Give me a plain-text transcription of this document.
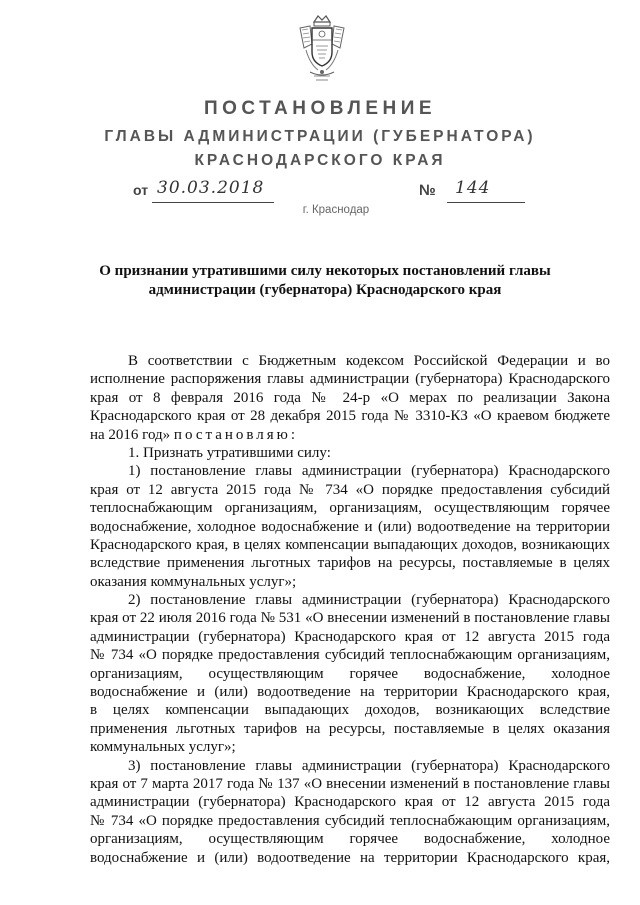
ПОСТАНОВЛЕНИЕ
ГЛАВЫ АДМИНИСТРАЦИИ (ГУБЕРНАТОРА)
КРАСНОДАРСКОГО КРАЯ
от 30.03.2018	№ 144
г. Краснодар
О признании утратившими силу некоторых постановлений главы
администрации (губернатора) Краснодарского края
В соответствии с Бюджетным кодексом Российской Федерации и во
исполнение распоряжения главы администрации (губернатора) Краснодарского
края от 8 февраля 2016 года № 24-р «О мерах по реализации Закона
Краснодарского края от 28 декабря 2015 года № 3310-КЗ «О краевом бюджете
на 2016 год» постановляю:
1. Признать утратившими силу:
1) постановление главы администрации (губернатора) Краснодарского
края от 12 августа 2015 года № 734 «О порядке предоставления субсидий
теплоснабжающим организациям, организациям, осуществляющим горячее
водоснабжение, холодное водоснабжение и (или) водоотведение на территории
Краснодарского края, в целях компенсации выпадающих доходов, возникающих
вследствие применения льготных тарифов на ресурсы, поставляемые в целях
оказания коммунальных услуг»;
2) постановление главы администрации (губернатора) Краснодарского
края от 22 июля 2016 года № 531 «О внесении изменений в постановление главы
администрации (губернатора) Краснодарского края от 12 августа 2015 года
№ 734 «О порядке предоставления субсидий теплоснабжающим организациям,
организациям, осуществляющим горячее водоснабжение, холодное
водоснабжение и (или) водоотведение на территории Краснодарского края,
в целях компенсации выпадающих доходов, возникающих вследствие
применения льготных тарифов на ресурсы, поставляемые в целях оказания
коммунальных услуг»;
3) постановление главы администрации (губернатора) Краснодарского
края от 7 марта 2017 года № 137 «О внесении изменений в постановление главы
администрации (губернатора) Краснодарского края от 12 августа 2015 года
№ 734 «О порядке предоставления субсидий теплоснабжающим организациям,
организациям, осуществляющим горячее водоснабжение, холодное
водоснабжение и (или) водоотведение на территории Краснодарского края,
